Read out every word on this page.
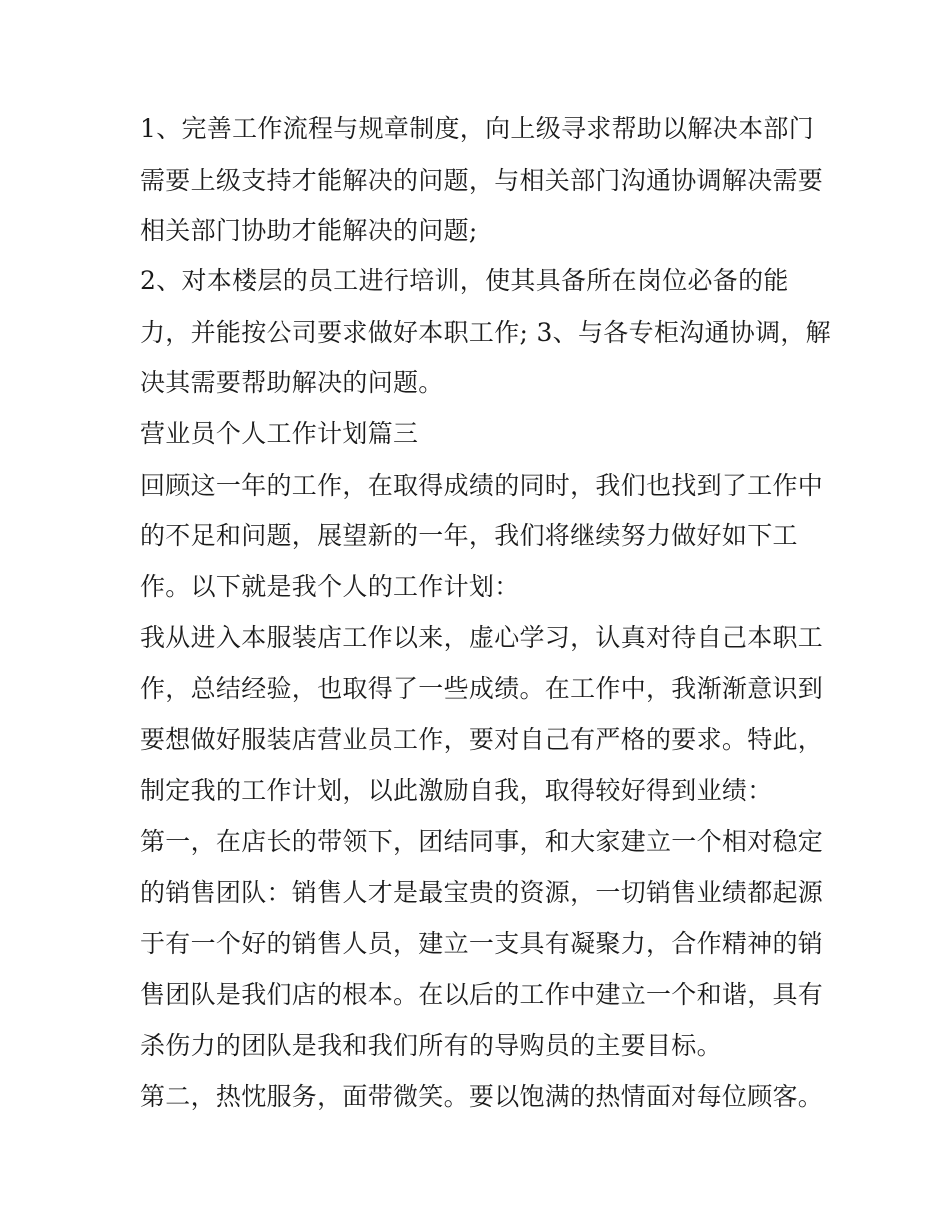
1、完善工作流程与规章制度，向上级寻求帮助以解决本部门
需要上级支持才能解决的问题，与相关部门沟通协调解决需要
相关部门协助才能解决的问题;
2、对本楼层的员工进行培训，使其具备所在岗位必备的能
力，并能按公司要求做好本职工作; 3、与各专柜沟通协调，解
决其需要帮助解决的问题。
营业员个人工作计划篇三
回顾这一年的工作，在取得成绩的同时，我们也找到了工作中
的不足和问题，展望新的一年，我们将继续努力做好如下工
作。以下就是我个人的工作计划：
我从进入本服装店工作以来，虚心学习，认真对待自己本职工
作，总结经验，也取得了一些成绩。在工作中，我渐渐意识到
要想做好服装店营业员工作，要对自己有严格的要求。特此，
制定我的工作计划，以此激励自我，取得较好得到业绩：
第一，在店长的带领下，团结同事，和大家建立一个相对稳定
的销售团队：销售人才是最宝贵的资源，一切销售业绩都起源
于有一个好的销售人员，建立一支具有凝聚力，合作精神的销
售团队是我们店的根本。在以后的工作中建立一个和谐，具有
杀伤力的团队是我和我们所有的导购员的主要目标。
第二，热忱服务，面带微笑。要以饱满的热情面对每位顾客。
